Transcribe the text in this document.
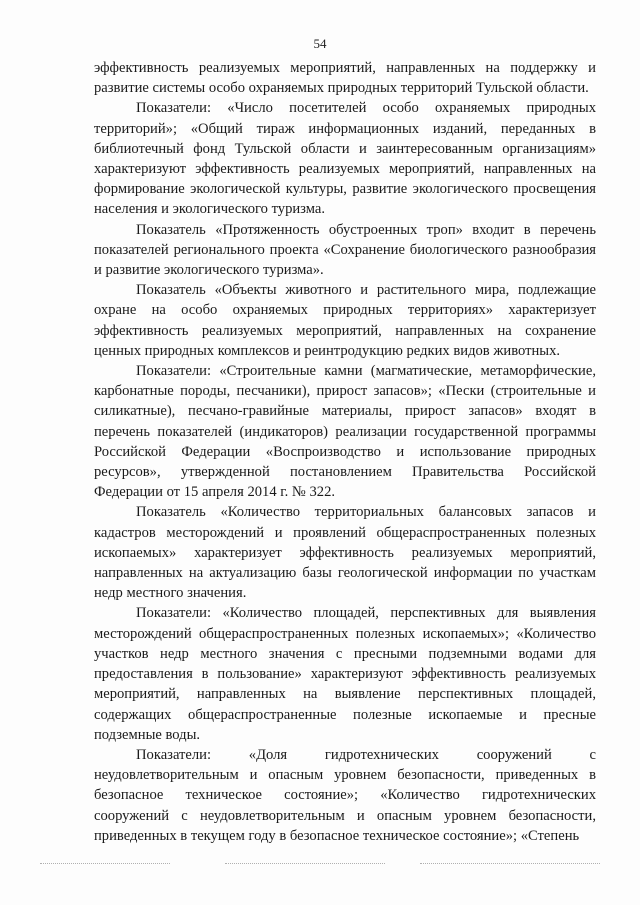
54

эффективность реализуемых мероприятий, направленных на поддержку и развитие системы особо охраняемых природных территорий Тульской области.

Показатели: «Число посетителей особо охраняемых природных территорий»; «Общий тираж информационных изданий, переданных в библиотечный фонд Тульской области и заинтересованным организациям» характеризуют эффективность реализуемых мероприятий, направленных на формирование экологической культуры, развитие экологического просвещения населения и экологического туризма.

Показатель «Протяженность обустроенных троп» входит в перечень показателей регионального проекта «Сохранение биологического разнообразия и развитие экологического туризма».

Показатель «Объекты животного и растительного мира, подлежащие охране на особо охраняемых природных территориях» характеризует эффективность реализуемых мероприятий, направленных на сохранение ценных природных комплексов и реинтродукцию редких видов животных.

Показатели: «Строительные камни (магматические, метаморфические, карбонатные породы, песчаники), прирост запасов»; «Пески (строительные и силикатные), песчано-гравийные материалы, прирост запасов» входят в перечень показателей (индикаторов) реализации государственной программы Российской Федерации «Воспроизводство и использование природных ресурсов», утвержденной постановлением Правительства Российской Федерации от 15 апреля 2014 г. № 322.

Показатель «Количество территориальных балансовых запасов и кадастров месторождений и проявлений общераспространенных полезных ископаемых» характеризует эффективность реализуемых мероприятий, направленных на актуализацию базы геологической информации по участкам недр местного значения.

Показатели: «Количество площадей, перспективных для выявления месторождений общераспространенных полезных ископаемых»; «Количество участков недр местного значения с пресными подземными водами для предоставления в пользование» характеризуют эффективность реализуемых мероприятий, направленных на выявление перспективных площадей, содержащих общераспространенные полезные ископаемые и пресные подземные воды.

Показатели: «Доля гидротехнических сооружений с неудовлетворительным и опасным уровнем безопасности, приведенных в безопасное техническое состояние»; «Количество гидротехнических сооружений с неудовлетворительным и опасным уровнем безопасности, приведенных в текущем году в безопасное техническое состояние»; «Степень
